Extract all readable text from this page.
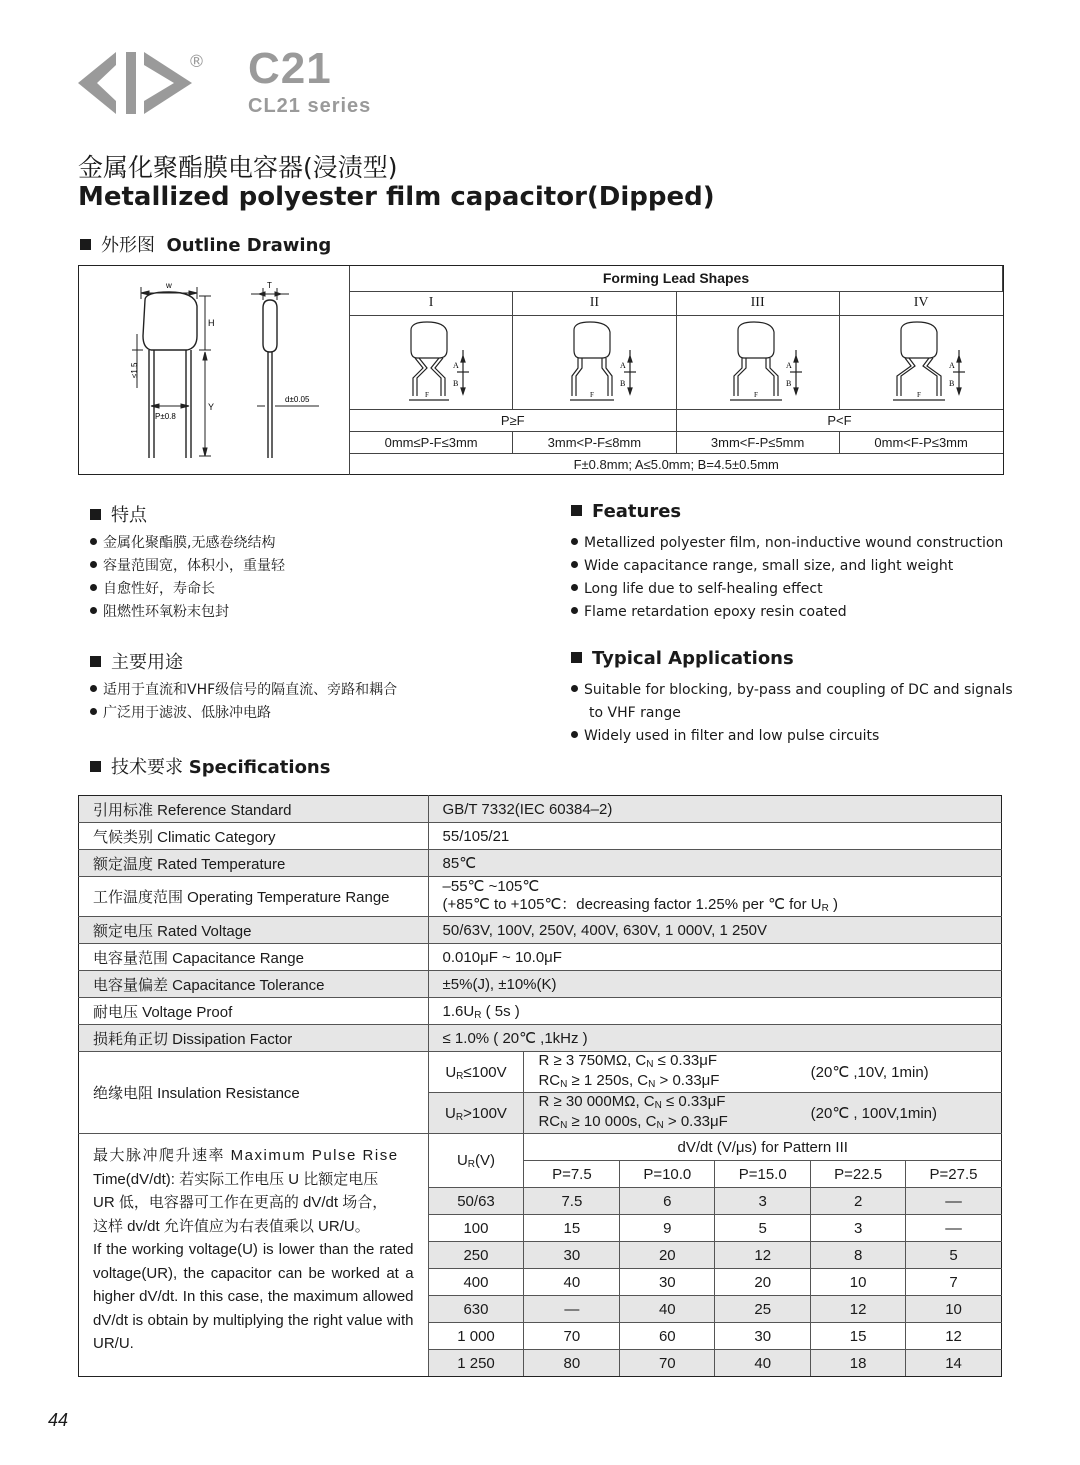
® C21
CL21 series
金属化聚酯膜电容器(浸渍型)
Metallized polyester film capacitor(Dipped)
外形图 Outline Drawing
w	T
H
Y
≤1.5
P±0.8
d±0.05
Forming Lead Shapes			
I	II	III	IV

A
B
F	A
B
F	A
B
F	A
B
F

P≥F		P<F	
0mm≤P-F≤3mm	3mm<P-F≤8mm	3mm<F-P≤5mm	0mm<F-P≤3mm
F±0.8mm; A≤5.0mm; B=4.5±0.5mm			
特点
金属化聚酯膜,无感卷绕结构
容量范围宽，体积小，重量轻
自愈性好，寿命长
阻燃性环氧粉末包封
Features
Metallized polyester film, non-inductive wound construction
Wide capacitance range, small size, and light weight
Long life due to self-healing effect
Flame retardation epoxy resin coated
主要用途
适用于直流和VHF级信号的隔直流、旁路和耦合
广泛用于滤波、低脉冲电路
Typical Applications
Suitable for blocking, by-pass and coupling of DC and signals
to VHF range
Widely used in filter and low pulse circuits
技术要求 Specifications
引用标准 Reference Standard	GB/T 7332(IEC 60384–2)					
气候类别 Climatic Category	55/105/21					
额定温度 Rated Temperature	85℃					
工作温度范围 Operating Temperature Range	–55℃ ~105℃
(+85℃ to +105℃：decreasing factor 1.25% per ℃ for $U_R$ )					

额定电压 Rated Voltage	50/63V, 100V, 250V, 400V, 630V, 1 000V, 1 250V					
电容量范围 Capacitance Range	0.010μF ~ 10.0μF					
电容量偏差 Capacitance Tolerance	±5%(J), ±10%(K)					
耐电压 Voltage Proof	$1.6U_R$ ( 5s )					
损耗角正切 Dissipation Factor	≤ 1.0% ( 20℃ ,1kHz )					
绝缘电阻 Insulation Resistance	$U_R\le 100V$	R ≥ 3 750MΩ, $C_N \le 0.33\mu F$
$RC_N \ge 1$ 250s, $C_N > 0.33\mu F$			(20℃ ,10V, 1min)	
	$U_R>100V$	R ≥ 30 000MΩ, $C_N \le 0.33\mu F$
$RC_N \ge 10$ 000s, $C_N > 0.33\mu F$			(20℃ , 100V,1min)	

最大脉冲爬升速率 Maximum Pulse Rise
Time(dV/dt): 若实际工作电压 U 比额定电压
UR 低，电容器可工作在更高的 dV/dt 场合，
这样 dv/dt 允许值应为右表值乘以 UR/U。
If the working voltage(U) is lower than the rated voltage(UR), the capacitor can be worked at a higher dV/dt. In this case, the maximum allowed dV/dt is obtain by multiplying the right value with UR/U.	$U_R(V)$	dV/dt (V/μs) for Pattern III				
		P=7.5	P=10.0	P=15.0	P=22.5	P=27.5
	50/63	7.5	6	3	2	––
	100	15	9	5	3	––
	250	30	20	12	8	5
	400	40	30	20	10	7
	630	—	40	25	12	10
	1 000	70	60	30	15	12
	1 250	80	70	40	18	14
44
